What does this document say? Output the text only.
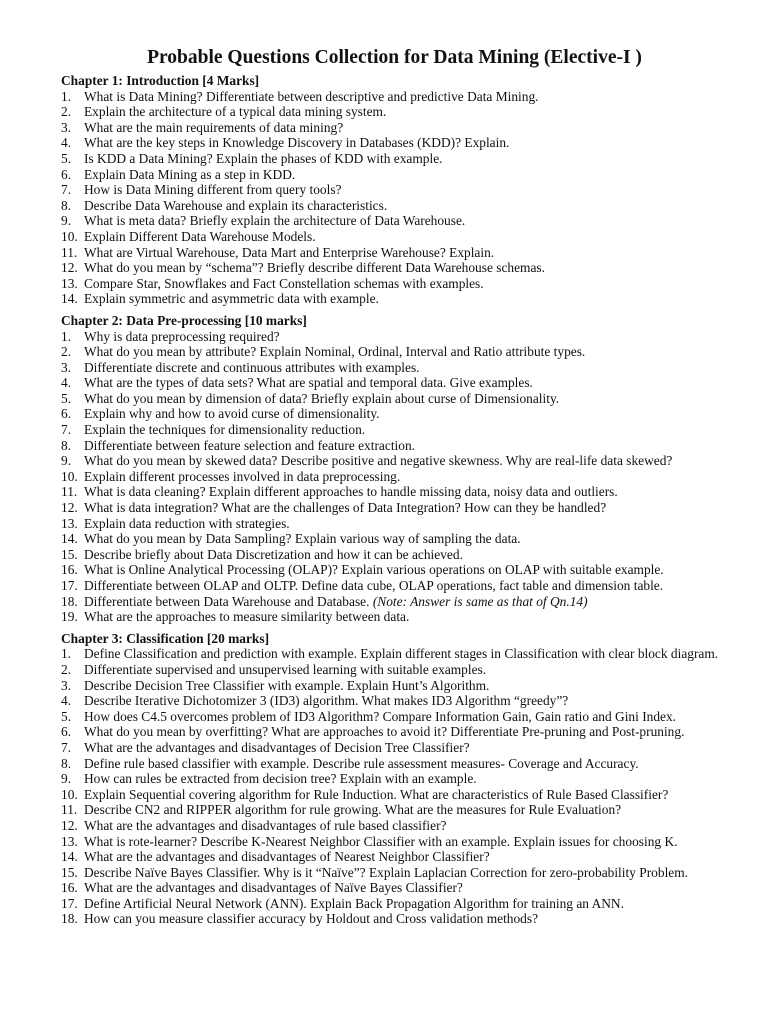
Probable Questions Collection for Data Mining (Elective-I )
Chapter 1: Introduction [4 Marks]
1. What is Data Mining? Differentiate between descriptive and predictive Data Mining.
2. Explain the architecture of a typical data mining system.
3. What are the main requirements of data mining?
4. What are the key steps in Knowledge Discovery in Databases (KDD)? Explain.
5. Is KDD a Data Mining? Explain the phases of KDD with example.
6. Explain Data Mining as a step in KDD.
7. How is Data Mining different from query tools?
8. Describe Data Warehouse and explain its characteristics.
9. What is meta data? Briefly explain the architecture of Data Warehouse.
10. Explain Different Data Warehouse Models.
11. What are Virtual Warehouse, Data Mart and Enterprise Warehouse? Explain.
12. What do you mean by “schema”? Briefly describe different Data Warehouse schemas.
13. Compare Star, Snowflakes and Fact Constellation schemas with examples.
14. Explain symmetric and asymmetric data with example.
Chapter 2: Data Pre-processing [10 marks]
1. Why is data preprocessing required?
2. What do you mean by attribute? Explain Nominal, Ordinal, Interval and Ratio attribute types.
3. Differentiate discrete and continuous attributes with examples.
4. What are the types of data sets? What are spatial and temporal data. Give examples.
5. What do you mean by dimension of data? Briefly explain about curse of Dimensionality.
6. Explain why and how to avoid curse of dimensionality.
7. Explain the techniques for dimensionality reduction.
8. Differentiate between feature selection and feature extraction.
9. What do you mean by skewed data? Describe positive and negative skewness. Why are real-life data skewed?
10. Explain different processes involved in data preprocessing.
11. What is data cleaning? Explain different approaches to handle missing data, noisy data and outliers.
12. What is data integration? What are the challenges of Data Integration? How can they be handled?
13. Explain data reduction with strategies.
14. What do you mean by Data Sampling? Explain various way of sampling the data.
15. Describe briefly about Data Discretization and how it can be achieved.
16. What is Online Analytical Processing (OLAP)? Explain various operations on OLAP with suitable example.
17. Differentiate between OLAP and OLTP. Define data cube, OLAP operations, fact table and dimension table.
18. Differentiate between Data Warehouse and Database. (Note: Answer is same as that of Qn.14)
19. What are the approaches to measure similarity between data.
Chapter 3: Classification [20 marks]
1. Define Classification and prediction with example. Explain different stages in Classification with clear block diagram.
2. Differentiate supervised and unsupervised learning with suitable examples.
3. Describe Decision Tree Classifier with example. Explain Hunt’s Algorithm.
4. Describe Iterative Dichotomizer 3 (ID3) algorithm. What makes ID3 Algorithm “greedy”?
5. How does C4.5 overcomes problem of ID3 Algorithm? Compare Information Gain, Gain ratio and Gini Index.
6. What do you mean by overfitting? What are approaches to avoid it? Differentiate Pre-pruning and Post-pruning.
7. What are the advantages and disadvantages of Decision Tree Classifier?
8. Define rule based classifier with example. Describe rule assessment measures- Coverage and Accuracy.
9. How can rules be extracted from decision tree? Explain with an example.
10. Explain Sequential covering algorithm for Rule Induction. What are characteristics of Rule Based Classifier?
11. Describe CN2 and RIPPER algorithm for rule growing. What are the measures for Rule Evaluation?
12. What are the advantages and disadvantages of rule based classifier?
13. What is rote-learner? Describe K-Nearest Neighbor Classifier with an example. Explain issues for choosing K.
14. What are the advantages and disadvantages of Nearest Neighbor Classifier?
15. Describe Naïve Bayes Classifier. Why is it “Naïve”? Explain Laplacian Correction for zero-probability Problem.
16. What are the advantages and disadvantages of Naïve Bayes Classifier?
17. Define Artificial Neural Network (ANN). Explain Back Propagation Algorithm for training an ANN.
18. How can you measure classifier accuracy by Holdout and Cross validation methods?
